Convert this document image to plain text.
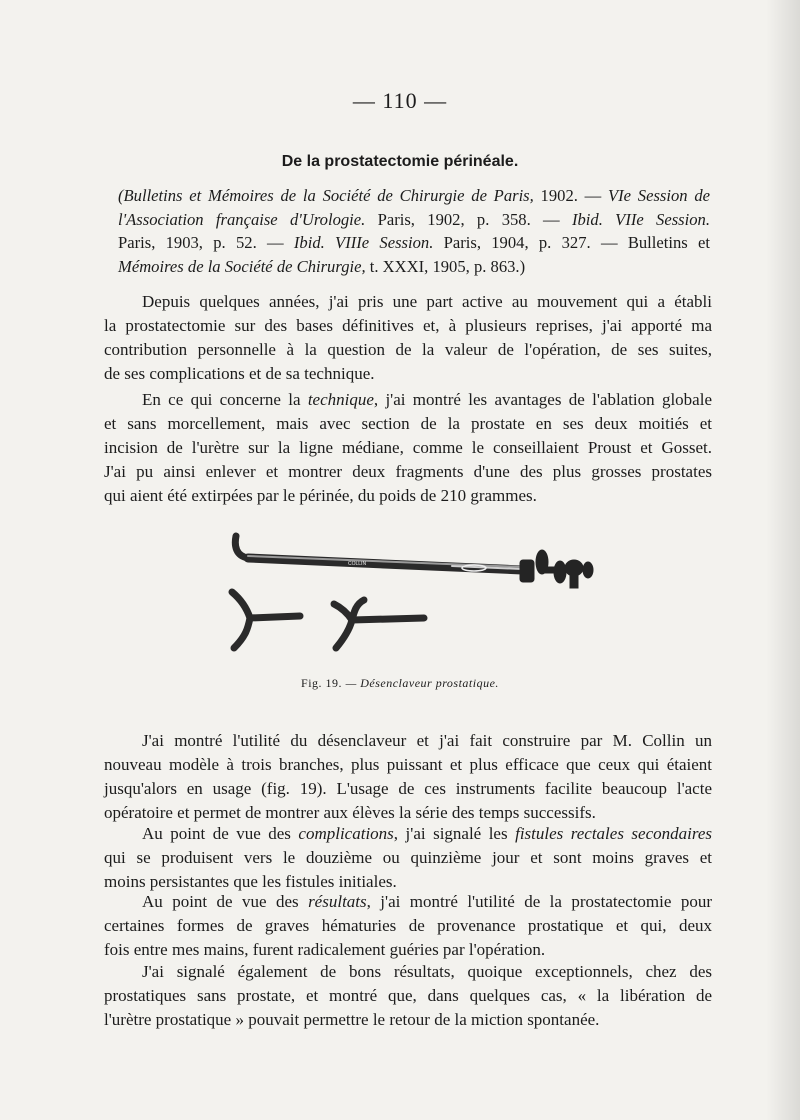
— 110 —
De la prostatectomie périnéale.
(Bulletins et Mémoires de la Société de Chirurgie de Paris, 1902. — VIe Session de
l'Association française d'Urologie. Paris, 1902, p. 358. — Ibid. VIIe Session.
Paris, 1903, p. 52. — Ibid. VIIIe Session. Paris, 1904, p. 327. — Bulletins et
Mémoires de la Société de Chirurgie, t. XXXI, 1905, p. 863.)
Depuis quelques années, j'ai pris une part active au mouvement qui a établi
la prostatectomie sur des bases définitives et, à plusieurs reprises, j'ai apporté ma
contribution personnelle à la question de la valeur de l'opération, de ses suites,
de ses complications et de sa technique.
En ce qui concerne la technique, j'ai montré les avantages de l'ablation globale
et sans morcellement, mais avec section de la prostate en ses deux moitiés et
incision de l'urètre sur la ligne médiane, comme le conseillaient Proust et Gosset.
J'ai pu ainsi enlever et montrer deux fragments d'une des plus grosses prostates
qui aient été extirpées par le périnée, du poids de 210 grammes.
COLLIN
Fig. 19. — Désenclaveur prostatique.
J'ai montré l'utilité du désenclaveur et j'ai fait construire par M. Collin un
nouveau modèle à trois branches, plus puissant et plus efficace que ceux qui étaient
jusqu'alors en usage (fig. 19). L'usage de ces instruments facilite beaucoup l'acte
opératoire et permet de montrer aux élèves la série des temps successifs.
Au point de vue des complications, j'ai signalé les fistules rectales secondaires
qui se produisent vers le douzième ou quinzième jour et sont moins graves et
moins persistantes que les fistules initiales.
Au point de vue des résultats, j'ai montré l'utilité de la prostatectomie pour
certaines formes de graves hématuries de provenance prostatique et qui, deux
fois entre mes mains, furent radicalement guéries par l'opération.
J'ai signalé également de bons résultats, quoique exceptionnels, chez des
prostatiques sans prostate, et montré que, dans quelques cas, « la libération de
l'urètre prostatique » pouvait permettre le retour de la miction spontanée.
